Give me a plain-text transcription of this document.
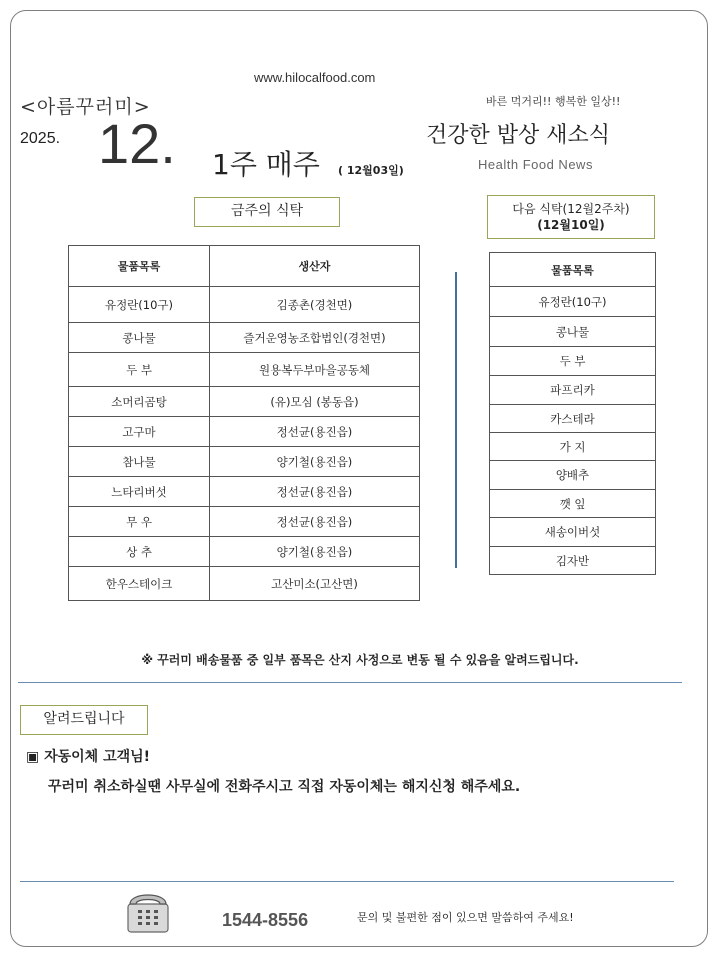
www.hilocalfood.com
<아름꾸러미>
2025. 12. 1주 매주 ( 12월03일)
바른 먹거리!! 행복한 일상!!
건강한 밥상 새소식
Health Food News
금주의 식탁	다음 식탁(12월2주차)
(12월10일)
물품목록	생산자
유정란(10구)	김종촌(경천면)
콩나물	즐거운영농조합법인(경천면)
두 부	원용복두부마을공동체
소머리곰탕	(유)모심 (봉동읍)
고구마	정선균(용진읍)
참나물	양기철(용진읍)
느타리버섯	정선균(용진읍)
무 우	정선균(용진읍)
상 추	양기철(용진읍)
한우스테이크	고산미소(고산면)
물품목록
유정란(10구)
콩나물
두 부
파프리카
카스테라
가 지
양배추
깻 잎
새송이버섯
김자반
※ 꾸러미 배송물품 중 일부 품목은 산지 사정으로 변동 될 수 있음을 알려드립니다.
알려드립니다
▣ 자동이체 고객님!
꾸러미 취소하실땐 사무실에 전화주시고 직접 자동이체는 해지신청 해주세요.
1544-8556	문의 및 불편한 점이 있으면 말씀하여 주세요!
